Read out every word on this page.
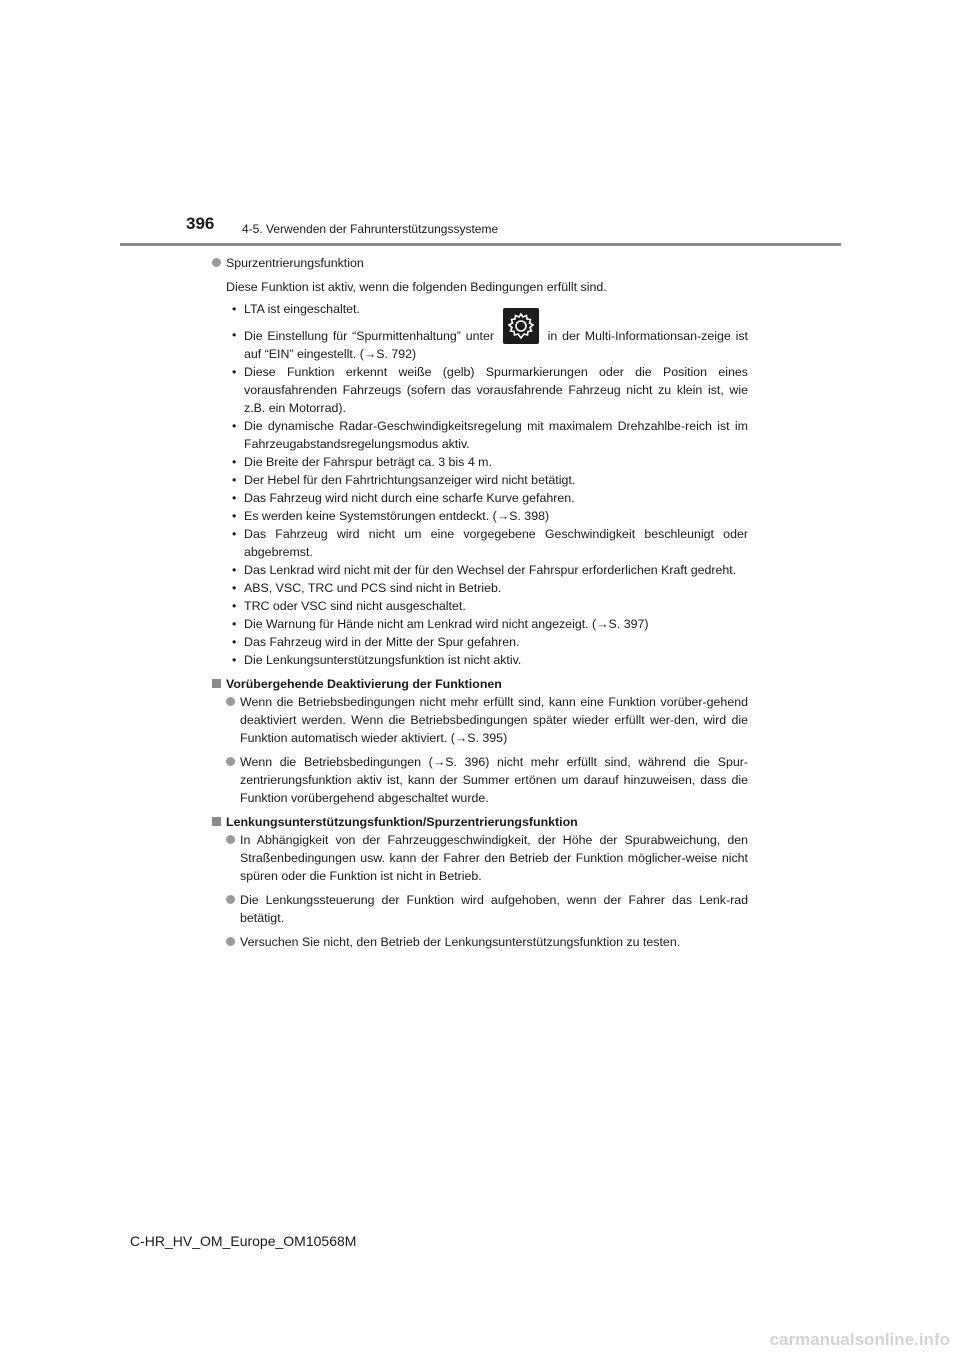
396 4-5. Verwenden der Fahrunterstützungssysteme
Spurzentrierungsfunktion
Diese Funktion ist aktiv, wenn die folgenden Bedingungen erfüllt sind.
• LTA ist eingeschaltet.
• Die Einstellung für “Spurmittenhaltung” unter	in der Multi-Informationsan-zeige ist auf “EIN” eingestellt. (→S. 792)
• Diese Funktion erkennt weiße (gelb) Spurmarkierungen oder die Position eines vorausfahrenden Fahrzeugs (sofern das vorausfahrende Fahrzeug nicht zu klein ist, wie z.B. ein Motorrad).
• Die dynamische Radar-Geschwindigkeitsregelung mit maximalem Drehzahlbe-reich ist im Fahrzeugabstandsregelungsmodus aktiv.
• Die Breite der Fahrspur beträgt ca. 3 bis 4 m.
• Der Hebel für den Fahrtrichtungsanzeiger wird nicht betätigt.
• Das Fahrzeug wird nicht durch eine scharfe Kurve gefahren.
• Es werden keine Systemstörungen entdeckt. (→S. 398)
• Das Fahrzeug wird nicht um eine vorgegebene Geschwindigkeit beschleunigt oder abgebremst.
• Das Lenkrad wird nicht mit der für den Wechsel der Fahrspur erforderlichen Kraft gedreht.
• ABS, VSC, TRC und PCS sind nicht in Betrieb.
• TRC oder VSC sind nicht ausgeschaltet.
• Die Warnung für Hände nicht am Lenkrad wird nicht angezeigt. (→S. 397)
• Das Fahrzeug wird in der Mitte der Spur gefahren.
• Die Lenkungsunterstützungsfunktion ist nicht aktiv.
Vorübergehende Deaktivierung der Funktionen
Wenn die Betriebsbedingungen nicht mehr erfüllt sind, kann eine Funktion vorüber-gehend deaktiviert werden. Wenn die Betriebsbedingungen später wieder erfüllt wer-den, wird die Funktion automatisch wieder aktiviert. (→S. 395)
Wenn die Betriebsbedingungen (→S. 396) nicht mehr erfüllt sind, während die Spur-zentrierungsfunktion aktiv ist, kann der Summer ertönen um darauf hinzuweisen, dass die Funktion vorübergehend abgeschaltet wurde.
Lenkungsunterstützungsfunktion/Spurzentrierungsfunktion
In Abhängigkeit von der Fahrzeuggeschwindigkeit, der Höhe der Spurabweichung, den Straßenbedingungen usw. kann der Fahrer den Betrieb der Funktion möglicher-weise nicht spüren oder die Funktion ist nicht in Betrieb.
Die Lenkungssteuerung der Funktion wird aufgehoben, wenn der Fahrer das Lenk-rad betätigt.
Versuchen Sie nicht, den Betrieb der Lenkungsunterstützungsfunktion zu testen.
C-HR_HV_OM_Europe_OM10568M
carmanualsonline.info
